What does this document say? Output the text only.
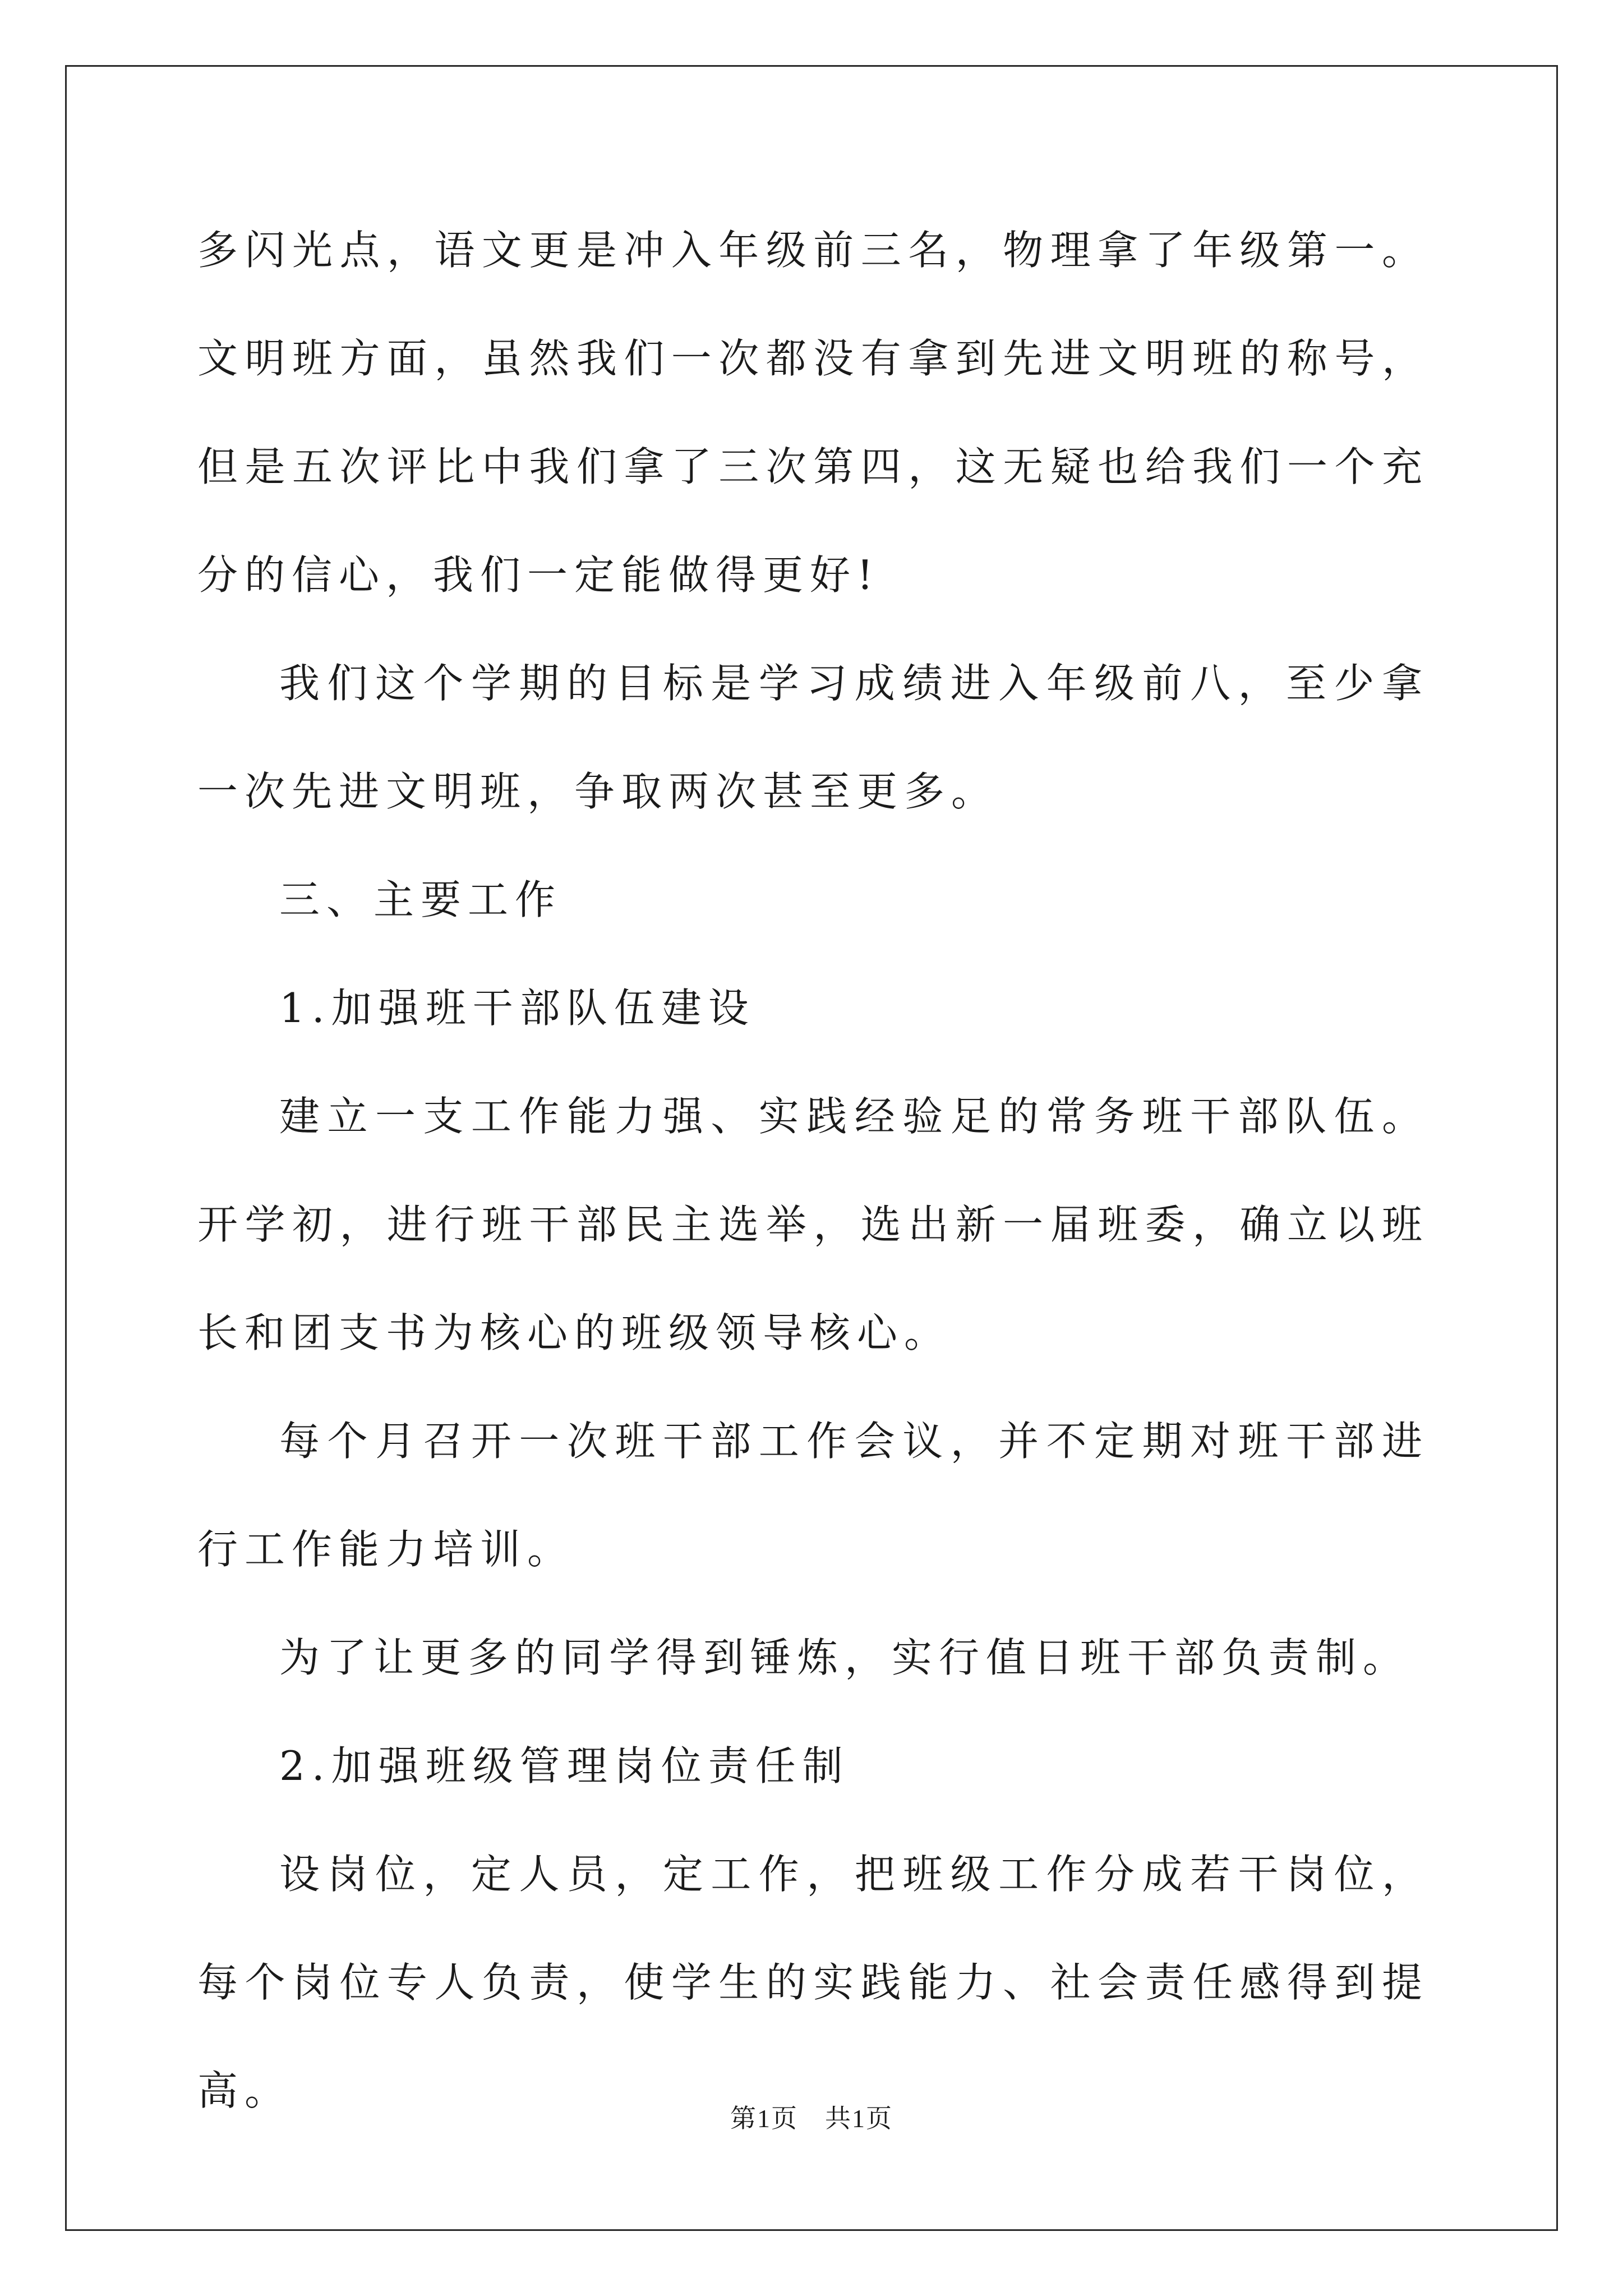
多闪光点，语文更是冲入年级前三名，物理拿了年级第一。文明班方面，虽然我们一次都没有拿到先进文明班的称号，但是五次评比中我们拿了三次第四，这无疑也给我们一个充分的信心，我们一定能做得更好!

我们这个学期的目标是学习成绩进入年级前八，至少拿一次先进文明班，争取两次甚至更多。

三、主要工作

1.加强班干部队伍建设

建立一支工作能力强、实践经验足的常务班干部队伍。开学初，进行班干部民主选举，选出新一届班委，确立以班长和团支书为核心的班级领导核心。

每个月召开一次班干部工作会议，并不定期对班干部进行工作能力培训。

为了让更多的同学得到锤炼，实行值日班干部负责制。

2.加强班级管理岗位责任制

设岗位，定人员，定工作，把班级工作分成若干岗位，每个岗位专人负责，使学生的实践能力、社会责任感得到提高。

第1页 共1页
